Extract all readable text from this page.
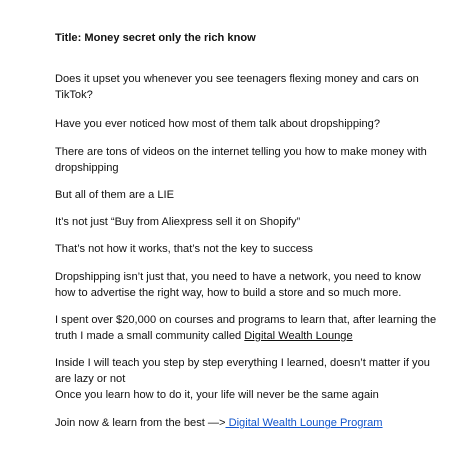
Title: Money secret only the rich know
Does it upset you whenever you see teenagers flexing money and cars on
TikTok?
Have you ever noticed how most of them talk about dropshipping?
There are tons of videos on the internet telling you how to make money with
dropshipping
But all of them are a LIE
It’s not just “Buy from Aliexpress sell it on Shopify”
That’s not how it works, that’s not the key to success
Dropshipping isn’t just that, you need to have a network, you need to know
how to advertise the right way, how to build a store and so much more.
I spent over $20,000 on courses and programs to learn that, after learning the
truth I made a small community called Digital Wealth Lounge
Inside I will teach you step by step everything I learned, doesn’t matter if you
are lazy or not
Once you learn how to do it, your life will never be the same again
Join now & learn from the best —> Digital Wealth Lounge Program
